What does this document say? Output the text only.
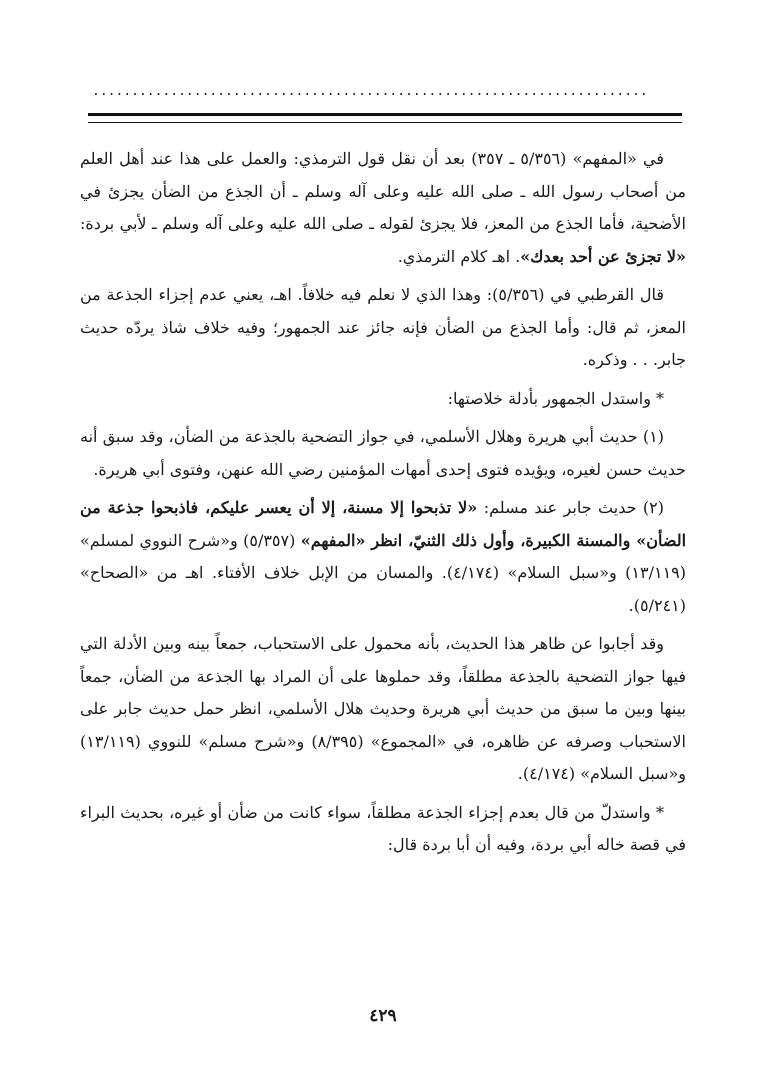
.......................................................................

في «المفهم» (٥/٣٥٦ ـ ٣٥٧) بعد أن نقل قول الترمذي: والعمل على هذا عند أهل العلم من أصحاب رسول الله ـ صلى الله عليه وعلى آله وسلم ـ أن الجذع من الضأن يجزئ في الأضحية، فأما الجذع من المعز، فلا يجزئ لقوله ـ صلى الله عليه وعلى آله وسلم ـ لأبي بردة: «لا تجزئ عن أحد بعدك». اهـ كلام الترمذي.

قال القرطبي في (٥/٣٥٦): وهذا الذي لا نعلم فيه خلافاً. اهـ، يعني عدم إجزاء الجذعة من المعز، ثم قال: وأما الجذع من الضأن فإنه جائز عند الجمهور؛ وفيه خلاف شاذ يردّه حديث جابر. . . وذكره.

* واستدل الجمهور بأدلة خلاصتها:

(١) حديث أبي هريرة وهلال الأسلمي، في جواز التضحية بالجذعة من الضأن، وقد سبق أنه حديث حسن لغيره، ويؤيده فتوى إحدى أمهات المؤمنين رضي الله عنهن، وفتوى أبي هريرة.

(٢) حديث جابر عند مسلم: «لا تذبحوا إلا مسنة، إلا أن يعسر عليكم، فاذبحوا جذعة من الضأن» والمسنة الكبيرة، وأول ذلك الثنيّ، انظر «المفهم» (٥/٣٥٧) و«شرح النووي لمسلم» (١٣/١١٩) و«سبل السلام» (٤/١٧٤). والمسان من الإبل خلاف الأفتاء. اهـ من «الصحاح» (٥/٢٤١).

وقد أجابوا عن ظاهر هذا الحديث، بأنه محمول على الاستحباب، جمعاً بينه وبين الأدلة التي فيها جواز التضحية بالجذعة مطلقاً، وقد حملوها على أن المراد بها الجذعة من الضأن، جمعاً بينها وبين ما سبق من حديث أبي هريرة وحديث هلال الأسلمي، انظر حمل حديث جابر على الاستحباب وصرفه عن ظاهره، في «المجموع» (٨/٣٩٥) و«شرح مسلم» للنووي (١٣/١١٩) و«سبل السلام» (٤/١٧٤).

* واستدلّ من قال بعدم إجزاء الجذعة مطلقاً، سواء كانت من ضأن أو غيره، بحديث البراء في قصة خاله أبي بردة، وفيه أن أبا بردة قال:

٤٢٩
